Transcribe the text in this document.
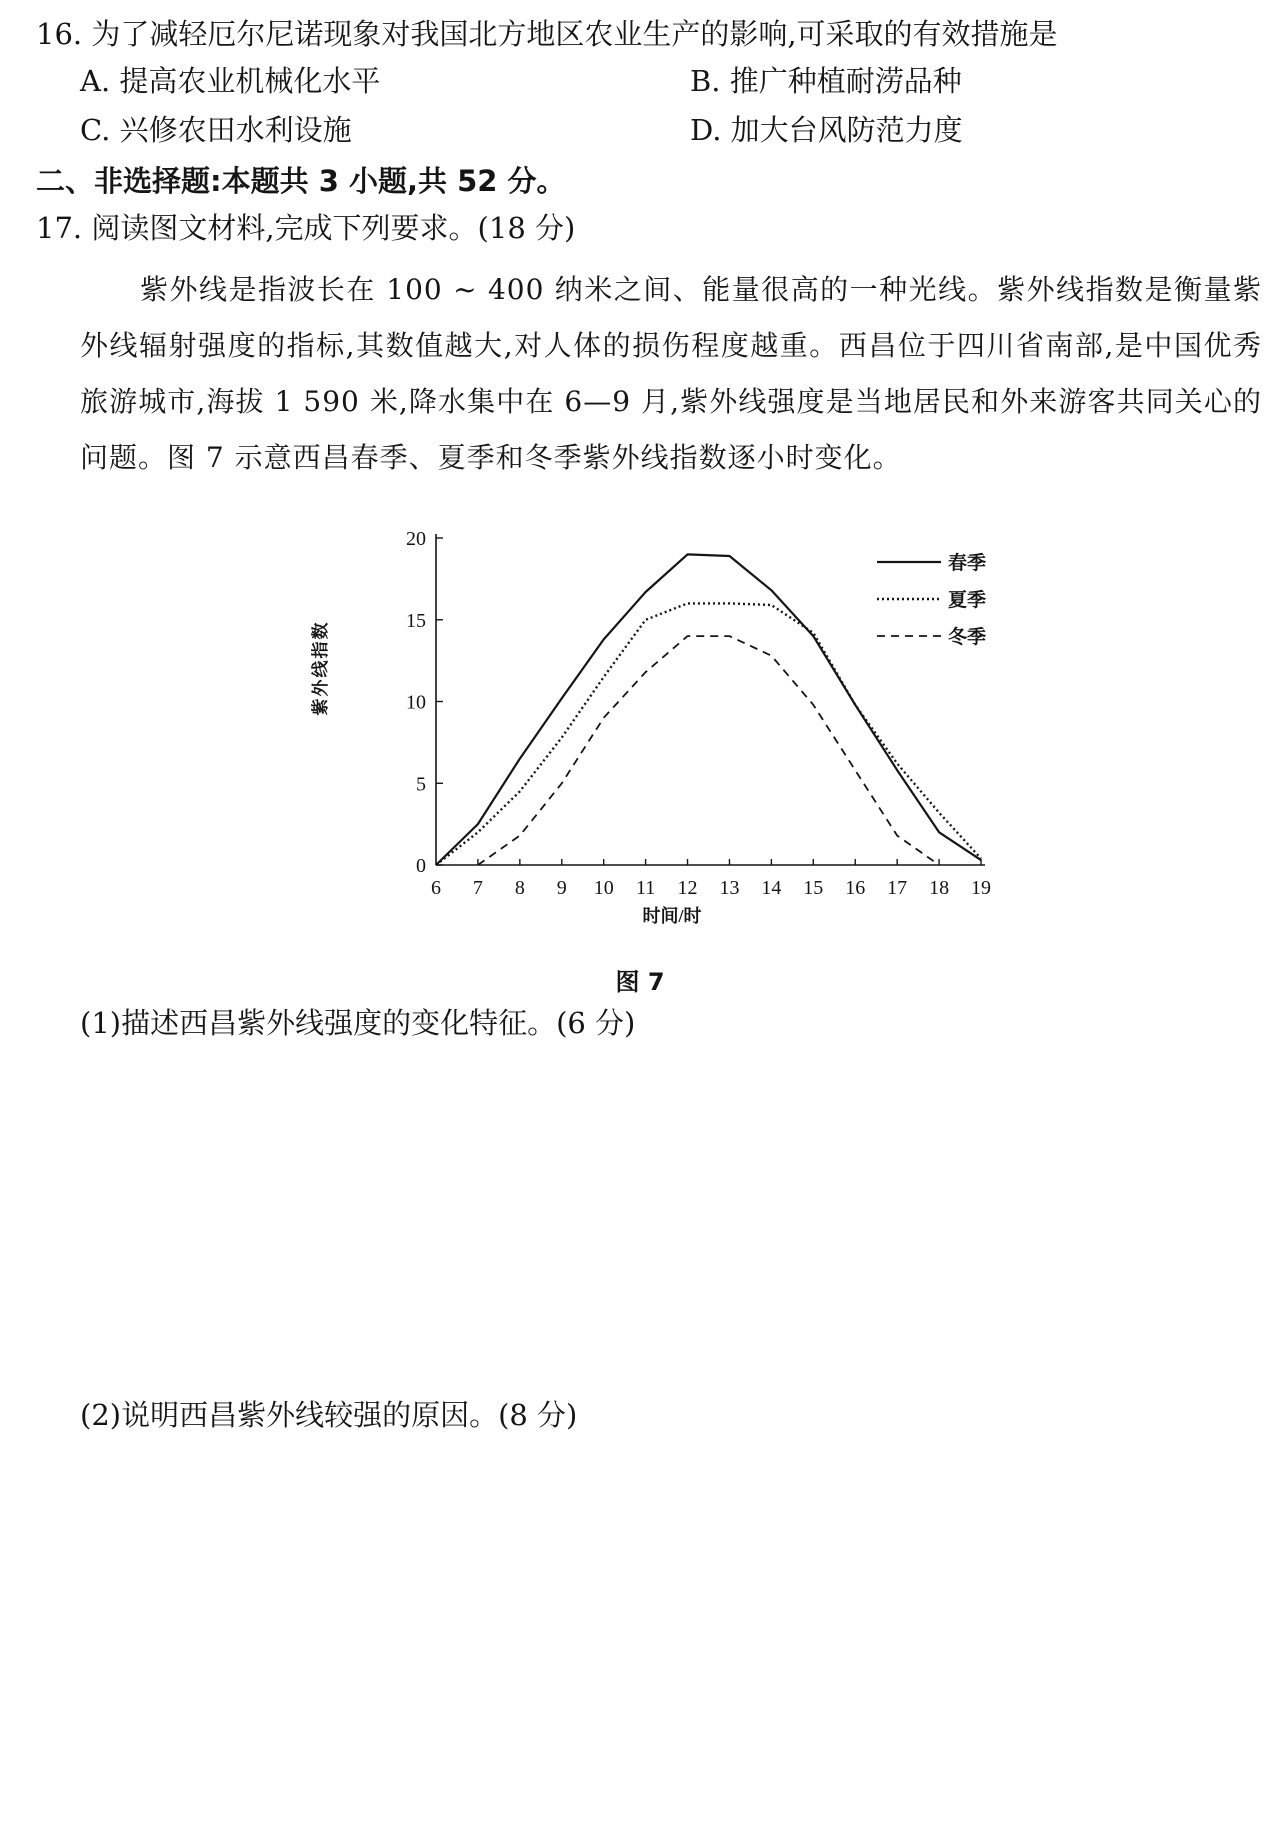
16. 为了减轻厄尔尼诺现象对我国北方地区农业生产的影响,可采取的有效措施是
A. 提高农业机械化水平	B. 推广种植耐涝品种
C. 兴修农田水利设施	D. 加大台风防范力度
二、非选择题:本题共 3 小题,共 52 分。
17. 阅读图文材料,完成下列要求。(18 分)
紫外线是指波长在 100 ~ 400 纳米之间、能量很高的一种光线。紫外线指数是衡量紫外线辐射强度的指标,其数值越大,对人体的损伤程度越重。西昌位于四川省南部,是中国优秀旅游城市,海拔 1 590 米,降水集中在 6—9 月,紫外线强度是当地居民和外来游客共同关心的问题。图 7 示意西昌春季、夏季和冬季紫外线指数逐小时变化。
0
5
10
15
20
6 7 8 9 10 11 12 13 14 15 16 17 18 19
春季
夏季
冬季
紫外线指数
时间/时
图 7
(1)描述西昌紫外线强度的变化特征。(6 分)
(2)说明西昌紫外线较强的原因。(8 分)
